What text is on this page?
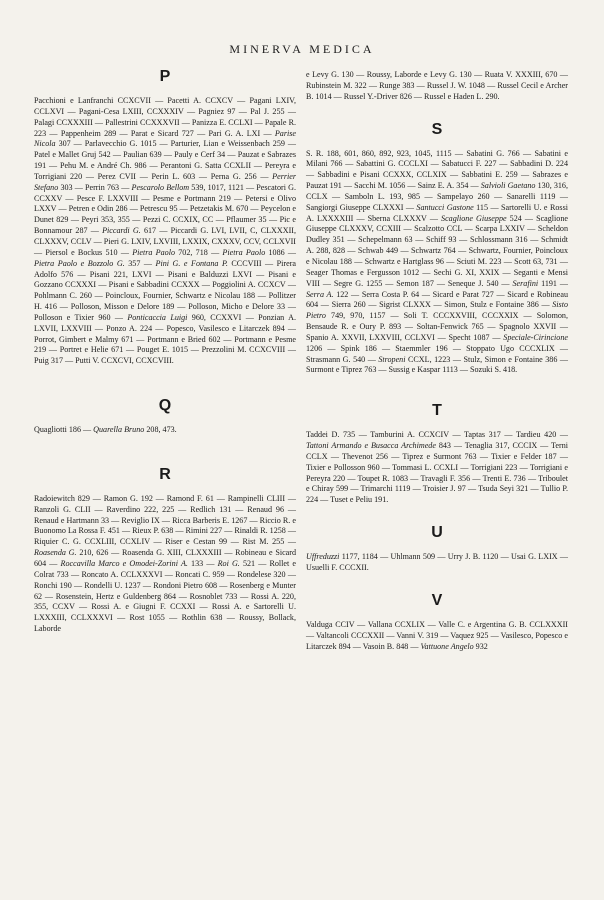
MINERVA MEDICA
P
Pacchioni e Lanfranchi CCXCVII — Pacetti A. CCXCV — Pagani LXIV, CCLXVI — Pagani-Cesa LXIII, CCXXXIV — Pagniez 97 — Pal J. 255 — Palagi CCXXXIII — Pallestrini CCXXXVII — Panizza E. CCLXI — Papale R. 223 — Pappenheim 289 — Parat e Sicard 727 — Pari G. A. LXI — Parise Nicola 307 — Parlavecchio G. 1015 — Parturier, Lian e Weissenbach 259 — Patel e Mallet Gruj 542 — Paulian 639 — Pauly e Cerf 34 — Pauzat e Sabrazes 191 — Pehu M. e André Ch. 986 — Perantoni G. Satta CCXLII — Pereyra e Torrigiani 220 — Perez CVII — Perin L. 603 — Perna G. 256 — Perrier Stefano 303 — Perrin 763 — Pescarolo Bellom 539, 1017, 1121 — Pescatori G. CCXXV — Pesce F. LXXVIII — Pesme e Portmann 219 — Petersi e Olivo LXXV — Petren e Odin 286 — Petrescu 95 — Petzetakis M. 670 — Peycelon e Dunet 829 — Peyri 353, 355 — Pezzi C. CCXIX, CC — Pflaumer 35 — Pic e Bonnamour 287 — Piccardi G. 617 — Piccardi G. LVI, LVII, C, CLXXXII, CLXXXV, CCLV — Pieri G. LXIV, LXVIII, LXXIX, CXXXV, CCV, CCLXVII — Piersol e Bockus 510 — Pietra Paolo 702, 718 — Pietra Paolo 1086 — Pietra Paolo e Bozzolo G. 357 — Pini G. e Fontana P. CCCVIII — Pirera Adolfo 576 — Pisani 221, LXVI — Pisani e Balduzzi LXVI — Pisani e Gozzano CCXXXI — Pisani e Sabbadini CCXXX — Poggiolini A. CCXCV — Pohlmann C. 260 — Poinсloux, Fournier, Schwartz e Nicolau 188 — Pollitzer H. 416 — Polloson, Misson e Delore 189 — Polloson, Micho e Delore 33 — Polloson e Tixier 960 — Ponticaccia Luigi 960, CCXXVI — Ponzian A. LXVII, LXXVIII — Ponzo A. 224 — Popesco, Vasilesco e Litarczek 894 — Porrot, Gimbert e Malmy 671 — Portmann e Bried 602 — Portmann e Pesme 219 — Portret e Helie 671 — Pouget E. 1015 — Prezzolini M. CCXCVIII — Puig 317 — Putti V. CCXCVI, CCXCVIII.
Q
Quagliotti 186 — Quarella Bruno 208, 473.
R
Radoiewitch 829 — Ramon G. 192 — Ramond F. 61 — Rampinelli CLIII — Ranzoli G. CLII — Raverdino 222, 225 — Redlich 131 — Renaud 96 — Renaud e Hartmann 33 — Reviglio IX — Ricca Barberis E. 1267 — Riccio R. e Buonomo La Rossa F. 451 — Rieux P. 638 — Rimini 227 — Rinaldi R. 1258 — Riquier C. G. CCXLIII, CCXLIV — Riser e Cestan 99 — Rist M. 255 — Roasenda G. 210, 626 — Roasenda G. XIII, CLXXXIII — Robineau e Sicard 604 — Roccavilla Marco e Omodei-Zorini A. 133 — Roi G. 521 — Rollet e Colrat 733 — Roncato A. CCLXXXVI — Roncati C. 959 — Rondelese 320 — Ronchi 190 — Rondelli U. 1237 — Rondoni Pietro 608 — Rosenberg e Munter 62 — Rosenstein, Hertz e Guldenberg 864 — Rosnoblet 733 — Rossi A. 220, 355, CCXV — Rossi A. e Giugni F. CCXXI — Rossi A. e Sartorelli U. LXXXIII, CCLXXXVI — Rost 1055 — Rothlin 638 — Roussy, Bollack, Laborde
e Levy G. 130 — Roussy, Laborde e Levy G. 130 — Ruata V. XXXIII, 670 — Rubinstein M. 322 — Runge 383 — Russel J. W. 1048 — Russel Cecil e Archer B. 1014 — Russel Y.-Driver 826 — Russel e Haden L. 290.
S
S. R. 188, 601, 860, 892, 923, 1045, 1115 — Sabatini G. 766 — Sabatini e Milani 766 — Sabattini G. CCCLXI — Sabatucci F. 227 — Sabbadini D. 224 — Sabbadini e Pisani CCXXX, CCLXIX — Sabbatini E. 259 — Sabrazes e Pauzat 191 — Sacchi M. 1056 — Sainz E. A. 354 — Salvioli Gaetano 130, 316, CCLX — Samboln L. 193, 985 — Sampelayo 260 — Sanarelli 1119 — Sangiorgi Giuseppe CLXXXI — Santucci Gastone 115 — Sartorelli U. e Rossi A. LXXXXIII — Sberna CLXXXV — Scaglione Giuseppe 524 — Scaglione Giuseppe CLXXXV, CCXIII — Scalzotto CCL — Scarpa LXXIV — Scheldon Dudley 351 — Schepelmann 63 — Schiff 93 — Schlossmann 316 — Schmidt A. 288, 828 — Schwab 449 — Schwartz 764 — Schwartz, Fournier, Poinсloux e Nicolau 188 — Schwartz e Hartglass 96 — Sciuti M. 223 — Scott 63, 731 — Seager Thomas e Fergusson 1012 — Sechi G. XI, XXIX — Seganti e Mensi VIII — Segre G. 1255 — Semon 187 — Seneque J. 540 — Serafini 1191 — Serra A. 122 — Serra Costa P. 64 — Sicard e Parat 727 — Sicard e Robineau 604 — Sierra 260 — Sigrist CLXXX — Simon, Stulz e Fontaine 386 — Sisto Pietro 749, 970, 1157 — Soli T. CCCXXVIII, CCCXXIX — Solomon, Bensaude R. e Oury P. 893 — Soltan-Fenwick 765 — Spagnolo XXVII — Spanio A. XXVII, LXXVIII, CCLXVI — Specht 1087 — Speciale-Cirincione 1206 — Spink 186 — Staemmler 196 — Stoppato Ugo CCCXLIX — Strasmann G. 540 — Stropeni CCXL, 1223 — Stulz, Simon e Fontaine 386 — Surmont e Tiprez 763 — Sussig e Kaspar 1113 — Sozuki S. 418.
T
Taddei D. 735 — Tamburini A. CCXCIV — Taptas 317 — Tardieu 420 — Tattoni Armando e Busacca Archimede 843 — Tenaglia 317, CCCIX — Terni CCLX — Thevenot 256 — Tiprez e Surmont 763 — Tixier e Felder 187 — Tixier e Pollosson 960 — Tommasi L. CCXLI — Torrigiani 223 — Torrigiani e Pereyra 220 — Toupet R. 1083 — Travagli F. 356 — Trenti E. 736 — Triboulet e Chiray 599 — Trimarchi 1119 — Troisier J. 97 — Tsuda Seyi 321 — Tullio P. 224 — Tuset e Peliu 191.
U
Uffreduzzi 1177, 1184 — Uhlmann 509 — Urry J. B. 1120 — Usai G. LXIX — Usuelli F. CCCXII.
V
Valduga CCIV — Vallana CCXLIX — Valle C. e Argentina G. B. CCLXXXII — Valtancoli CCCXXII — Vanni V. 319 — Vaquez 925 — Vasilesco, Popesco e Litarczek 894 — Vasoin B. 848 — Vattuone Angelo 932
